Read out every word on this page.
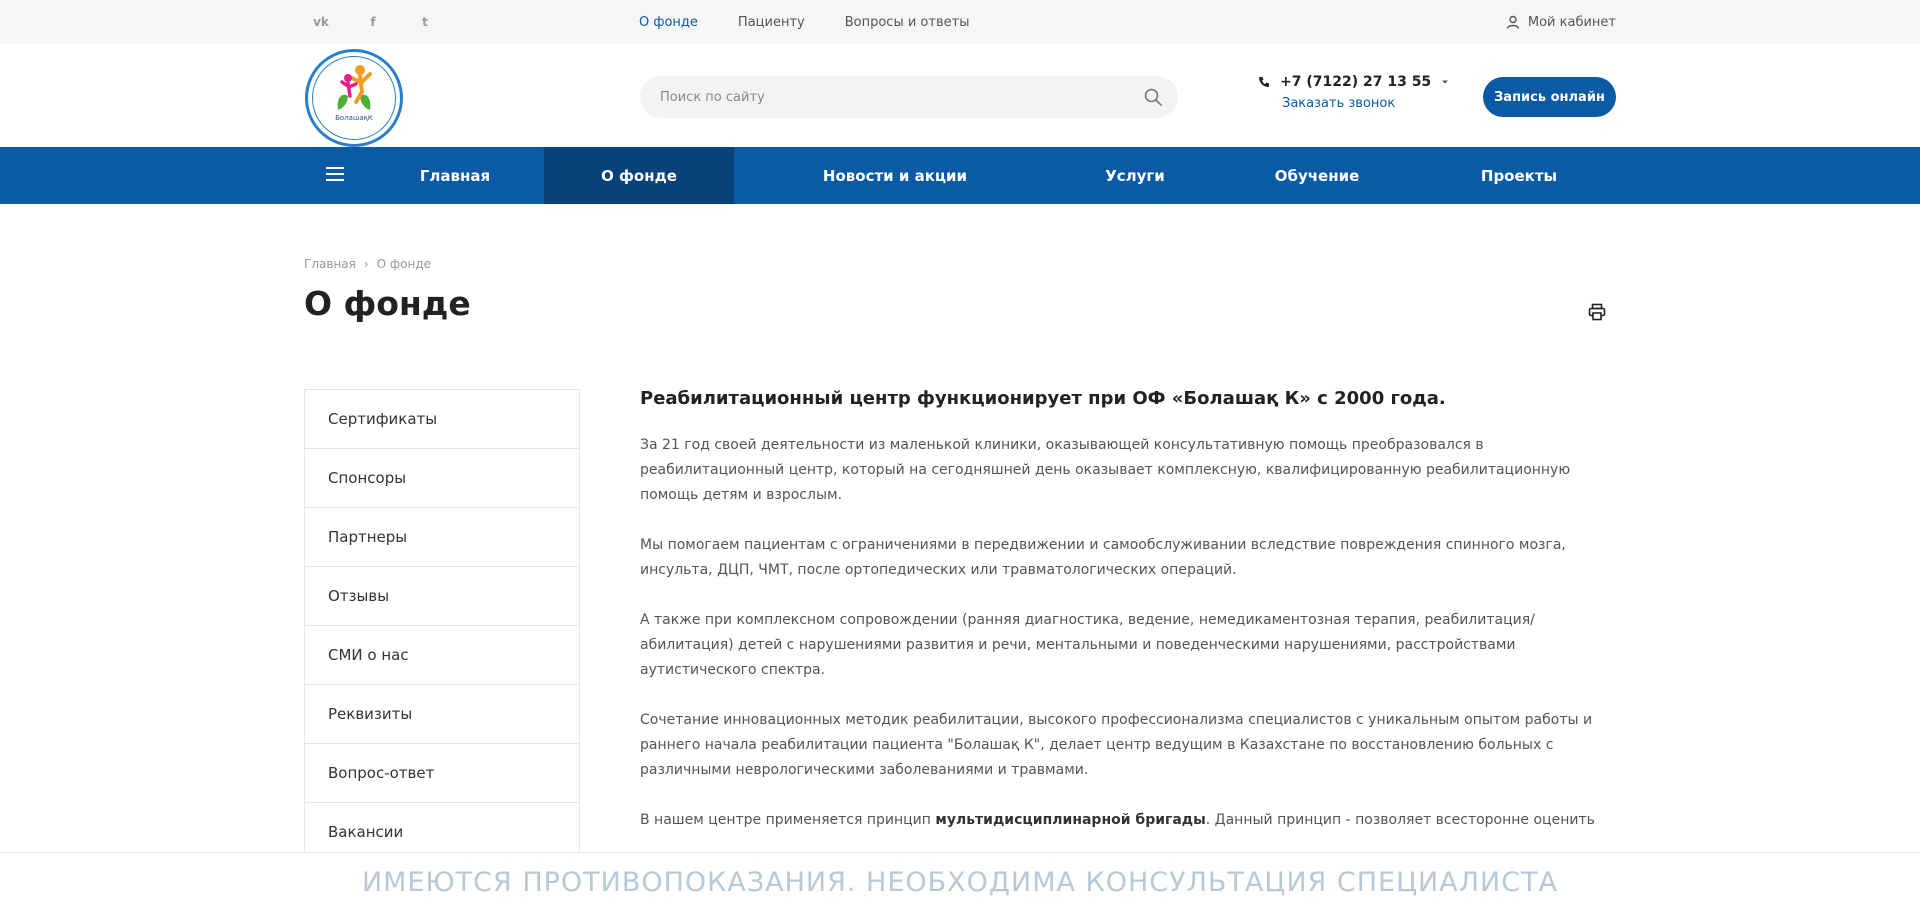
vk	f	t	О фонде	Пациенту	Вопросы и ответы	Мой кабинет
БолашақК
Поиск по сайту
+7 (7122) 27 13 55
Заказать звонок	Запись онлайн
Главная	О фонде	Новости и акции	Услуги	Обучение	Проекты
Главная › О фонде
О фонде
Сертификаты
Спонсоры
Партнеры
Отзывы
СМИ о нас
Реквизиты
Вопрос-ответ
Вакансии
Реабилитационный центр функционирует при ОФ «Болашақ К» с 2000 года.

За 21 год своей деятельности из маленькой клиники, оказывающей консультативную помощь преобразовался в реабилитационный центр, который на сегодняшней день оказывает комплексную, квалифицированную реабилитационную помощь детям и взрослым.

Мы помогаем пациентам с ограничениями в передвижении и самообслуживании вследствие повреждения спинного мозга, инсульта, ДЦП, ЧМТ, после ортопедических или травматологических операций.

А также при комплексном сопровождении (ранняя диагностика, ведение, немедикаментозная терапия, реабилитация/абилитация) детей с нарушениями развития и речи, ментальными и поведенческими нарушениями, расстройствами аутистического спектра.

Сочетание инновационных методик реабилитации, высокого профессионализма специалистов с уникальным опытом работы и раннего начала реабилитации пациента "Болашақ К", делает центр ведущим в Казахстане по восстановлению больных с различными неврологическими заболеваниями и травмами.

В нашем центре применяется принцип мультидисциплинарной бригады. Данный принцип - позволяет всесторонне оценить

ИМЕЮТСЯ ПРОТИВОПОКАЗАНИЯ. НЕОБХОДИМА КОНСУЛЬТАЦИЯ СПЕЦИАЛИСТА
